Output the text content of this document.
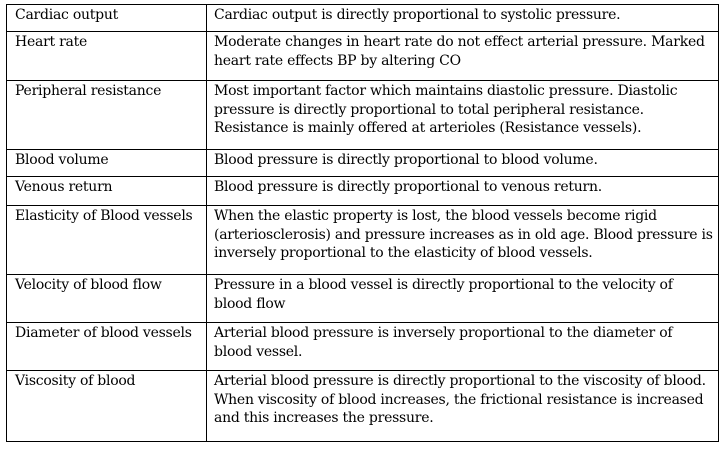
Cardiac output	Cardiac output is directly proportional to systolic pressure.
Heart rate	Moderate changes in heart rate do not effect arterial pressure. Marked heart rate effects BP by altering CO
Peripheral resistance	Most important factor which maintains diastolic pressure. Diastolic pressure is directly proportional to total peripheral resistance. Resistance is mainly offered at arterioles (Resistance vessels).
Blood volume	Blood pressure is directly proportional to blood volume.
Venous return	Blood pressure is directly proportional to venous return.
Elasticity of Blood vessels	When the elastic property is lost, the blood vessels become rigid (arteriosclerosis) and pressure increases as in old age. Blood pressure is inversely proportional to the elasticity of blood vessels.
Velocity of blood flow	Pressure in a blood vessel is directly proportional to the velocity of blood flow
Diameter of blood vessels	Arterial blood pressure is inversely proportional to the diameter of blood vessel.
Viscosity of blood	Arterial blood pressure is directly proportional to the viscosity of blood. When viscosity of blood increases, the frictional resistance is increased and this increases the pressure.
